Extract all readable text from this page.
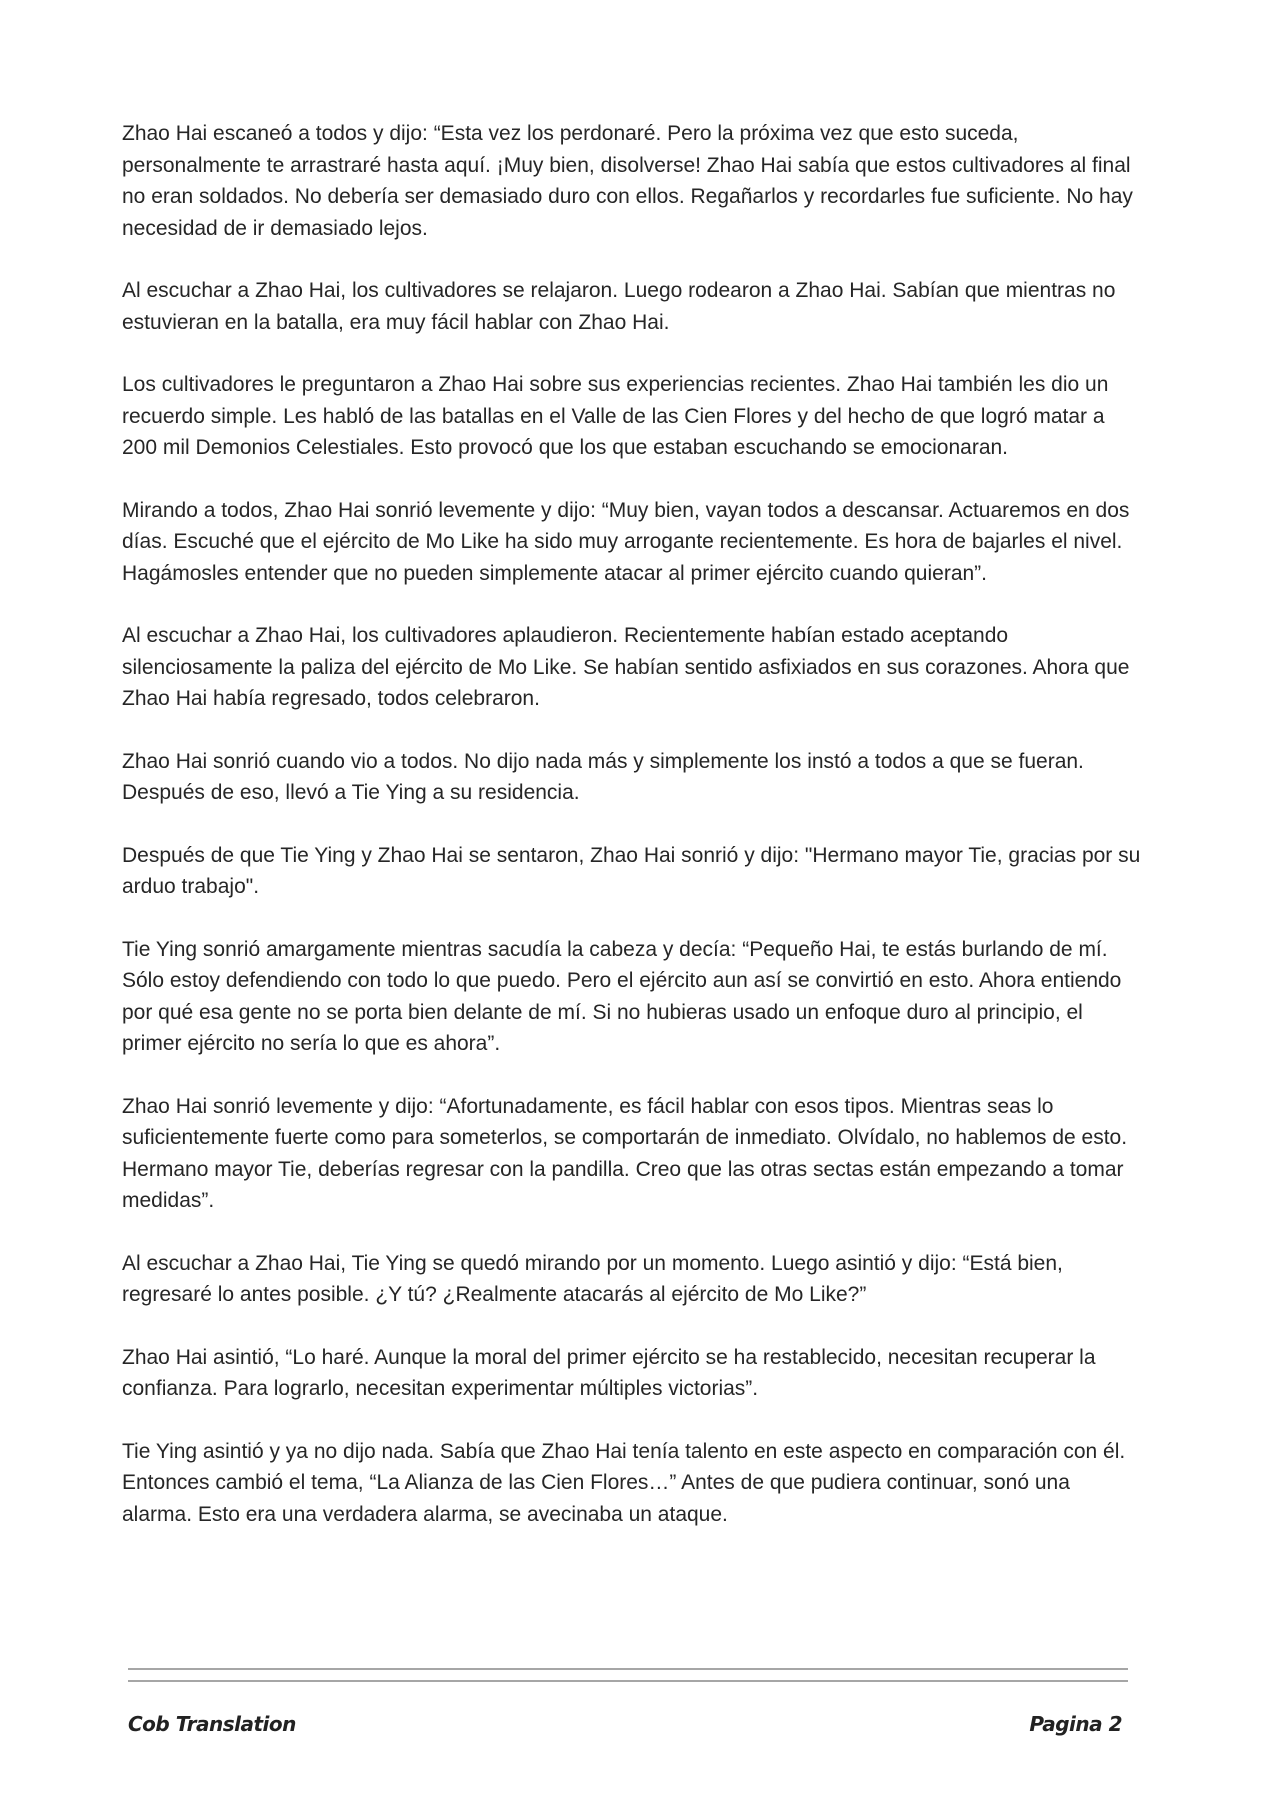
Zhao Hai escaneó a todos y dijo: “Esta vez los perdonaré. Pero la próxima vez que esto suceda, personalmente te arrastraré hasta aquí. ¡Muy bien, disolverse! Zhao Hai sabía que estos cultivadores al final no eran soldados. No debería ser demasiado duro con ellos. Regañarlos y recordarles fue suficiente. No hay necesidad de ir demasiado lejos.

Al escuchar a Zhao Hai, los cultivadores se relajaron. Luego rodearon a Zhao Hai. Sabían que mientras no estuvieran en la batalla, era muy fácil hablar con Zhao Hai.

Los cultivadores le preguntaron a Zhao Hai sobre sus experiencias recientes. Zhao Hai también les dio un recuerdo simple. Les habló de las batallas en el Valle de las Cien Flores y del hecho de que logró matar a 200 mil Demonios Celestiales. Esto provocó que los que estaban escuchando se emocionaran.

Mirando a todos, Zhao Hai sonrió levemente y dijo: “Muy bien, vayan todos a descansar. Actuaremos en dos días. Escuché que el ejército de Mo Like ha sido muy arrogante recientemente. Es hora de bajarles el nivel. Hagámosles entender que no pueden simplemente atacar al primer ejército cuando quieran”.

Al escuchar a Zhao Hai, los cultivadores aplaudieron. Recientemente habían estado aceptando silenciosamente la paliza del ejército de Mo Like. Se habían sentido asfixiados en sus corazones. Ahora que Zhao Hai había regresado, todos celebraron.

Zhao Hai sonrió cuando vio a todos. No dijo nada más y simplemente los instó a todos a que se fueran. Después de eso, llevó a Tie Ying a su residencia.

Después de que Tie Ying y Zhao Hai se sentaron, Zhao Hai sonrió y dijo: "Hermano mayor Tie, gracias por su arduo trabajo".

Tie Ying sonrió amargamente mientras sacudía la cabeza y decía: “Pequeño Hai, te estás burlando de mí. Sólo estoy defendiendo con todo lo que puedo. Pero el ejército aun así se convirtió en esto. Ahora entiendo por qué esa gente no se porta bien delante de mí. Si no hubieras usado un enfoque duro al principio, el primer ejército no sería lo que es ahora”.

Zhao Hai sonrió levemente y dijo: “Afortunadamente, es fácil hablar con esos tipos. Mientras seas lo suficientemente fuerte como para someterlos, se comportarán de inmediato. Olvídalo, no hablemos de esto. Hermano mayor Tie, deberías regresar con la pandilla. Creo que las otras sectas están empezando a tomar medidas”.

Al escuchar a Zhao Hai, Tie Ying se quedó mirando por un momento. Luego asintió y dijo: “Está bien, regresaré lo antes posible. ¿Y tú? ¿Realmente atacarás al ejército de Mo Like?”

Zhao Hai asintió, “Lo haré. Aunque la moral del primer ejército se ha restablecido, necesitan recuperar la confianza. Para lograrlo, necesitan experimentar múltiples victorias”.

Tie Ying asintió y ya no dijo nada. Sabía que Zhao Hai tenía talento en este aspecto en comparación con él. Entonces cambió el tema, “La Alianza de las Cien Flores…” Antes de que pudiera continuar, sonó una alarma. Esto era una verdadera alarma, se avecinaba un ataque.

Cob Translation	Pagina 2
